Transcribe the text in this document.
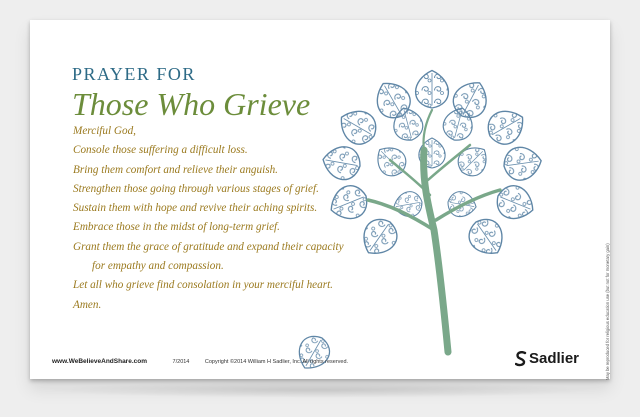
PRAYER FOR
Those Who Grieve
Merciful God,
Console those suffering a difficult loss.
Bring them comfort and relieve their anguish.
Strengthen those going through various stages of grief.
Sustain them with hope and revive their aching spirits.
Embrace those in the midst of long-term grief.
Grant them the grace of gratitude and expand their capacity
for empathy and compassion.
Let all who grieve find consolation in your merciful heart.
Amen.	May be reproduced for religious education use (but not for monetary gain)
www.WeBelieveAndShare.com	7/2014	Copyright ©2014 William H Sadlier, Inc. All rights reserved.	Sadlier
